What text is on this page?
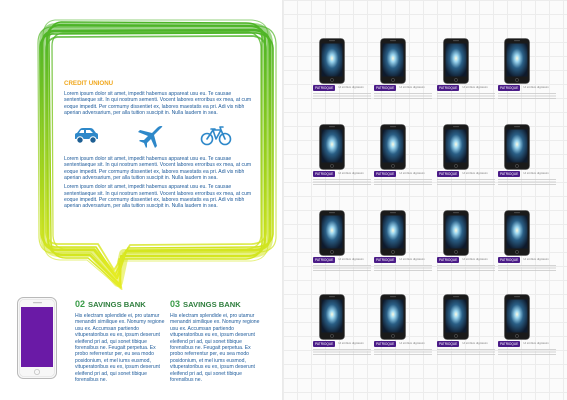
SAVINGS BANK
CREDIT UNIONU

Lorem ipsum dolor sit amet, impedit habemus appareat usu eu. Te causae sententiaeque sit. In qui nostrum sementi. Vocent labores erroribus ex mea, at cum eoque impedit. Per cormumy dissentiet ex, labores maestatis ea pri. Adi vis nibh aperian adversarium, per alla tuition suscipit in. Nulla laudem in sea.

Lorem ipsum dolor sit amet, impedit habemus appareat usu eu. Te causae sententiaeque sit. In qui nostrum sementi. Vocent labores erroribus ex mea, at cum eoque impedit. Per cormumy dissentiet ex, labores maestatis ea pri. Adi vis nibh aperian adversarium, per alla tuition suscipit in. Nulla laudem in sea.

Lorem ipsum dolor sit amet, impedit habemus appareat usu eu. Te causae sententiaeque sit. In qui nostrum sementi. Vocent labores erroribus ex mea, at cum eoque impedit. Per cormumy dissentiet ex, labores maestatis ea pri. Adi vis nibh aperian adversarium, per alla tuition suscipit in. Nulla laudem in sea.

02 SAVINGS BANK
His electram splendide ei, pro utamur menandri similique ex. Nonumy regione usu ex. Accumsan partiendo vituperatoribus eu ex, ipsum deserunt eleifend pri ad, qui sonet tibique forensibus ne. Feugait perpetua. Ex probo referrentur per, eu sea modo posidonium, et mel iums eusmod, vituperatoribus eu ex, ipsum deserunt eleifend pri ad, qui sonet tibique forensibus ne.
03 SAVINGS BANK
His electram splendide ei, pro utamur menandri similique ex. Nonumy regione usu ex. Accumsan partiendo vituperatoribus eu ex, ipsum deserunt eleifend pri ad, qui sonet tibique forensibus ne. Feugait perpetua. Ex probo referrentur per, eu sea modo posidonium, et mel iums eusmod, vituperatoribus eu ex, ipsum deserunt eleifend pri ad, qui sonet tibique forensibus ne.
PATRIOQUE Ut sit illum dignissim	PATRIOQUE Ut sit illum dignissim	PATRIOQUE Ut sit illum dignissim	PATRIOQUE Ut sit illum dignissim
PATRIOQUE Ut sit illum dignissim	PATRIOQUE Ut sit illum dignissim	PATRIOQUE Ut sit illum dignissim	PATRIOQUE Ut sit illum dignissim
PATRIOQUE Ut sit illum dignissim	PATRIOQUE Ut sit illum dignissim	PATRIOQUE Ut sit illum dignissim	PATRIOQUE Ut sit illum dignissim
PATRIOQUE Ut sit illum dignissim	PATRIOQUE Ut sit illum dignissim	PATRIOQUE Ut sit illum dignissim	PATRIOQUE Ut sit illum dignissim
